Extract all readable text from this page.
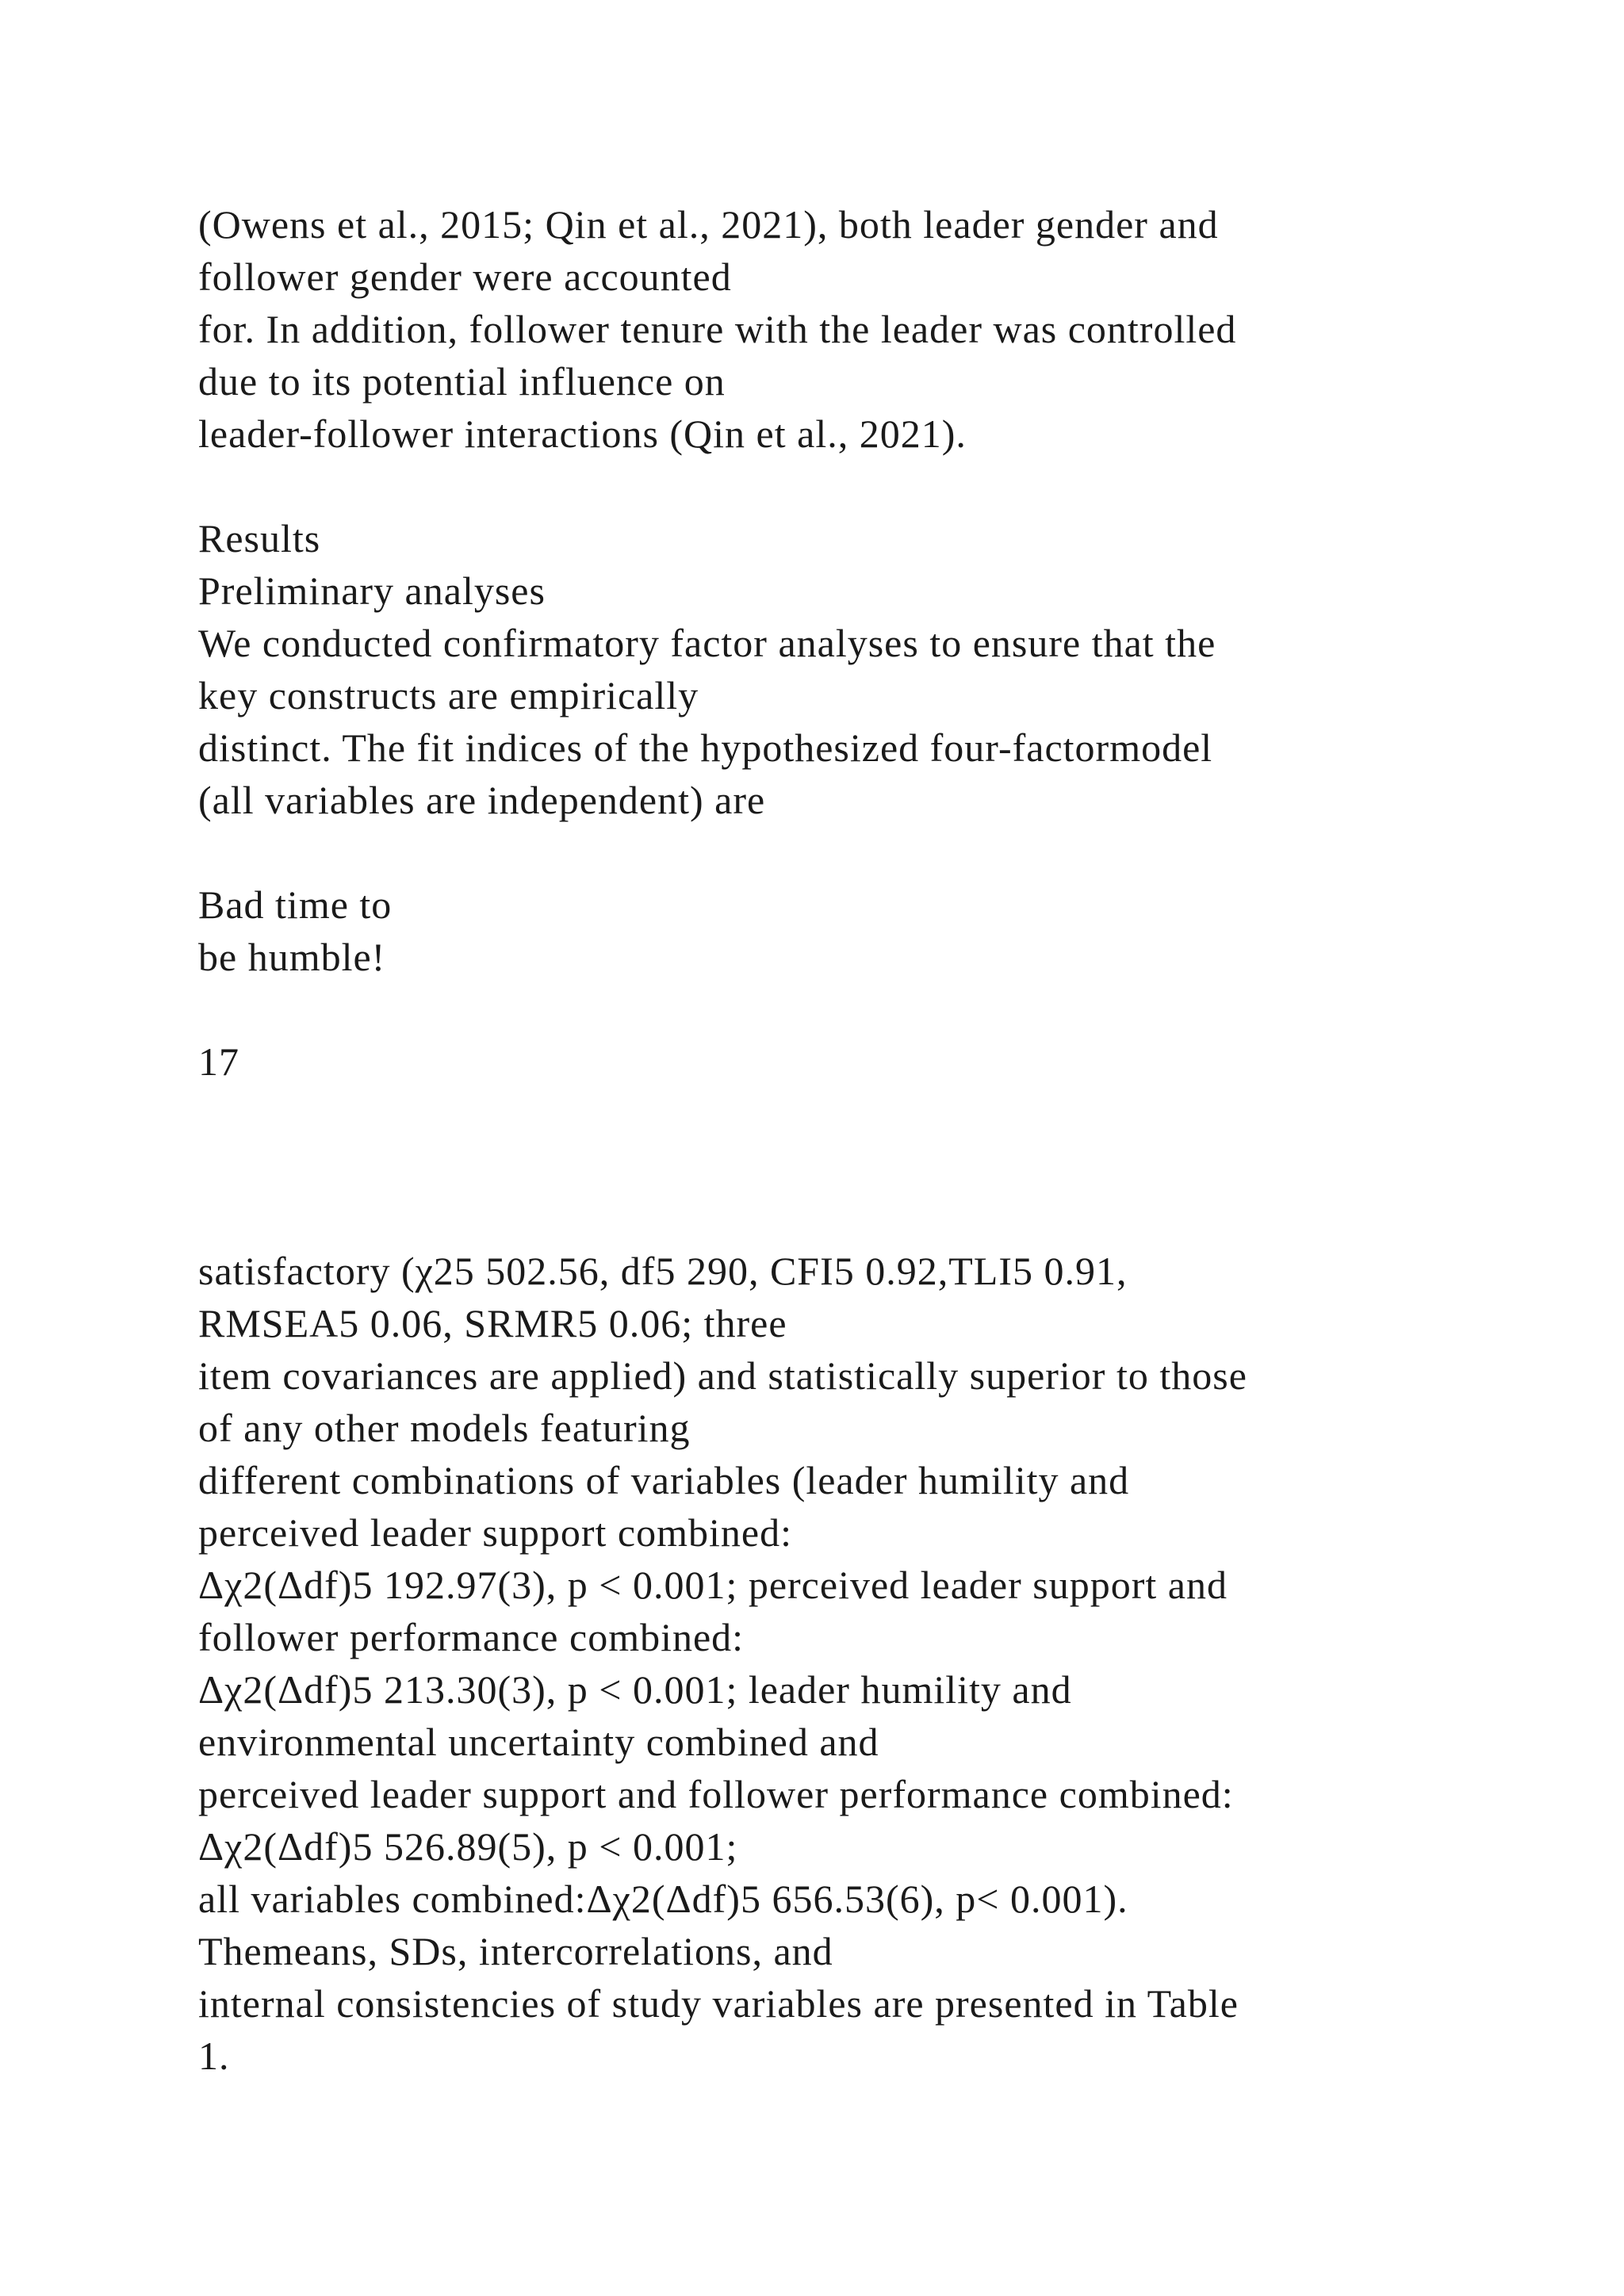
(Owens et al., 2015; Qin et al., 2021), both leader gender and
follower gender were accounted
for. In addition, follower tenure with the leader was controlled
due to its potential influence on
leader-follower interactions (Qin et al., 2021).
Results
Preliminary analyses
We conducted confirmatory factor analyses to ensure that the
key constructs are empirically
distinct. The fit indices of the hypothesized four-factormodel
(all variables are independent) are
Bad time to
be humble!
17
satisfactory (χ25 502.56, df5 290, CFI5 0.92,TLI5 0.91,
RMSEA5 0.06, SRMR5 0.06; three
item covariances are applied) and statistically superior to those
of any other models featuring
different combinations of variables (leader humility and
perceived leader support combined:
Δχ2(Δdf)5 192.97(3), p < 0.001; perceived leader support and
follower performance combined:
Δχ2(Δdf)5 213.30(3), p < 0.001; leader humility and
environmental uncertainty combined and
perceived leader support and follower performance combined:
Δχ2(Δdf)5 526.89(5), p < 0.001;
all variables combined:Δχ2(Δdf)5 656.53(6), p< 0.001).
Themeans, SDs, intercorrelations, and
internal consistencies of study variables are presented in Table
1.
